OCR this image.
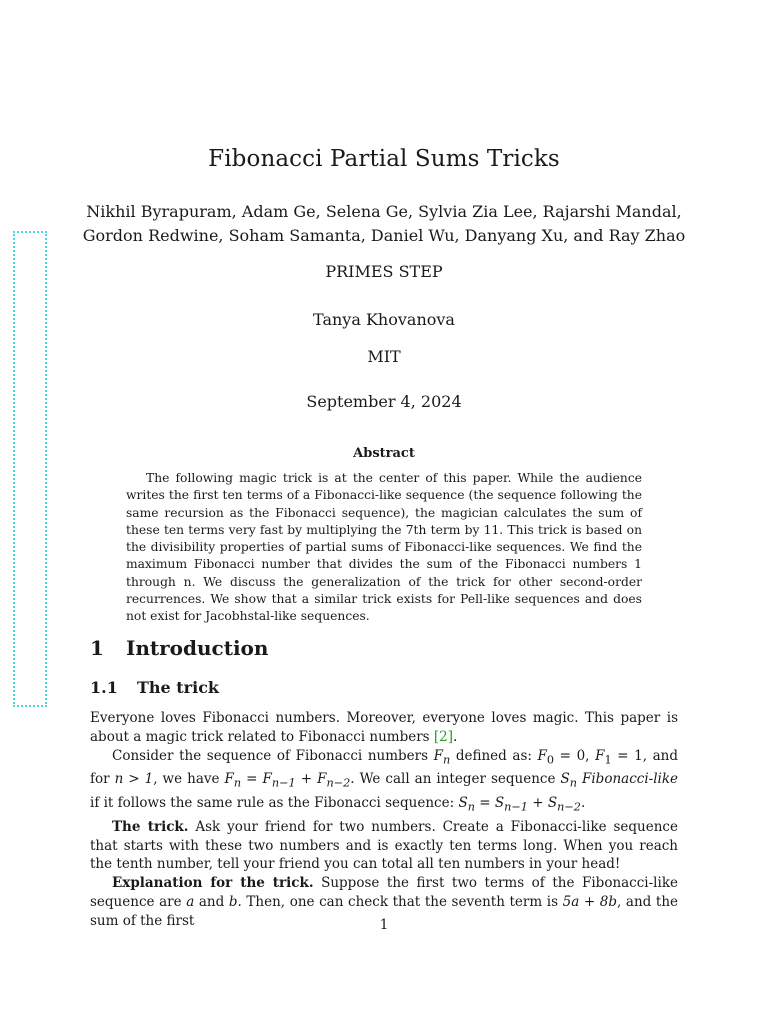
Fibonacci Partial Sums Tricks
Nikhil Byrapuram, Adam Ge, Selena Ge, Sylvia Zia Lee, Rajarshi Mandal, Gordon Redwine, Soham Samanta, Daniel Wu, Danyang Xu, and Ray Zhao
PRIMES STEP
Tanya Khovanova
MIT
September 4, 2024
Abstract

The following magic trick is at the center of this paper. While the audience writes the first ten terms of a Fibonacci-like sequence (the sequence following the same recursion as the Fibonacci sequence), the magician calculates the sum of these ten terms very fast by multiplying the 7th term by 11. This trick is based on the divisibility properties of partial sums of Fibonacci-like sequences. We find the maximum Fibonacci number that divides the sum of the Fibonacci numbers 1 through n. We discuss the generalization of the trick for other second-order recurrences. We show that a similar trick exists for Pell-like sequences and does not exist for Jacobhstal-like sequences.

1 Introduction
1.1 The trick

Everyone loves Fibonacci numbers. Moreover, everyone loves magic. This paper is about a magic trick related to Fibonacci numbers [2].

Consider the sequence of Fibonacci numbers $F_n$ defined as: $F_0 = 0$, $F_1 = 1$, and for n > 1, we have $F_n = F_{n-1} + F_{n-2}$. We call an integer sequence $S_n$ Fibonacci-like if it follows the same rule as the Fibonacci sequence: $S_n = S_{n-1} + S_{n-2}$.

The trick. Ask your friend for two numbers. Create a Fibonacci-like sequence that starts with these two numbers and is exactly ten terms long. When you reach the tenth number, tell your friend you can total all ten numbers in your head!

Explanation for the trick. Suppose the first two terms of the Fibonacci-like sequence are a and b. Then, one can check that the seventh term is 5a + 8b, and the sum of the first	1
